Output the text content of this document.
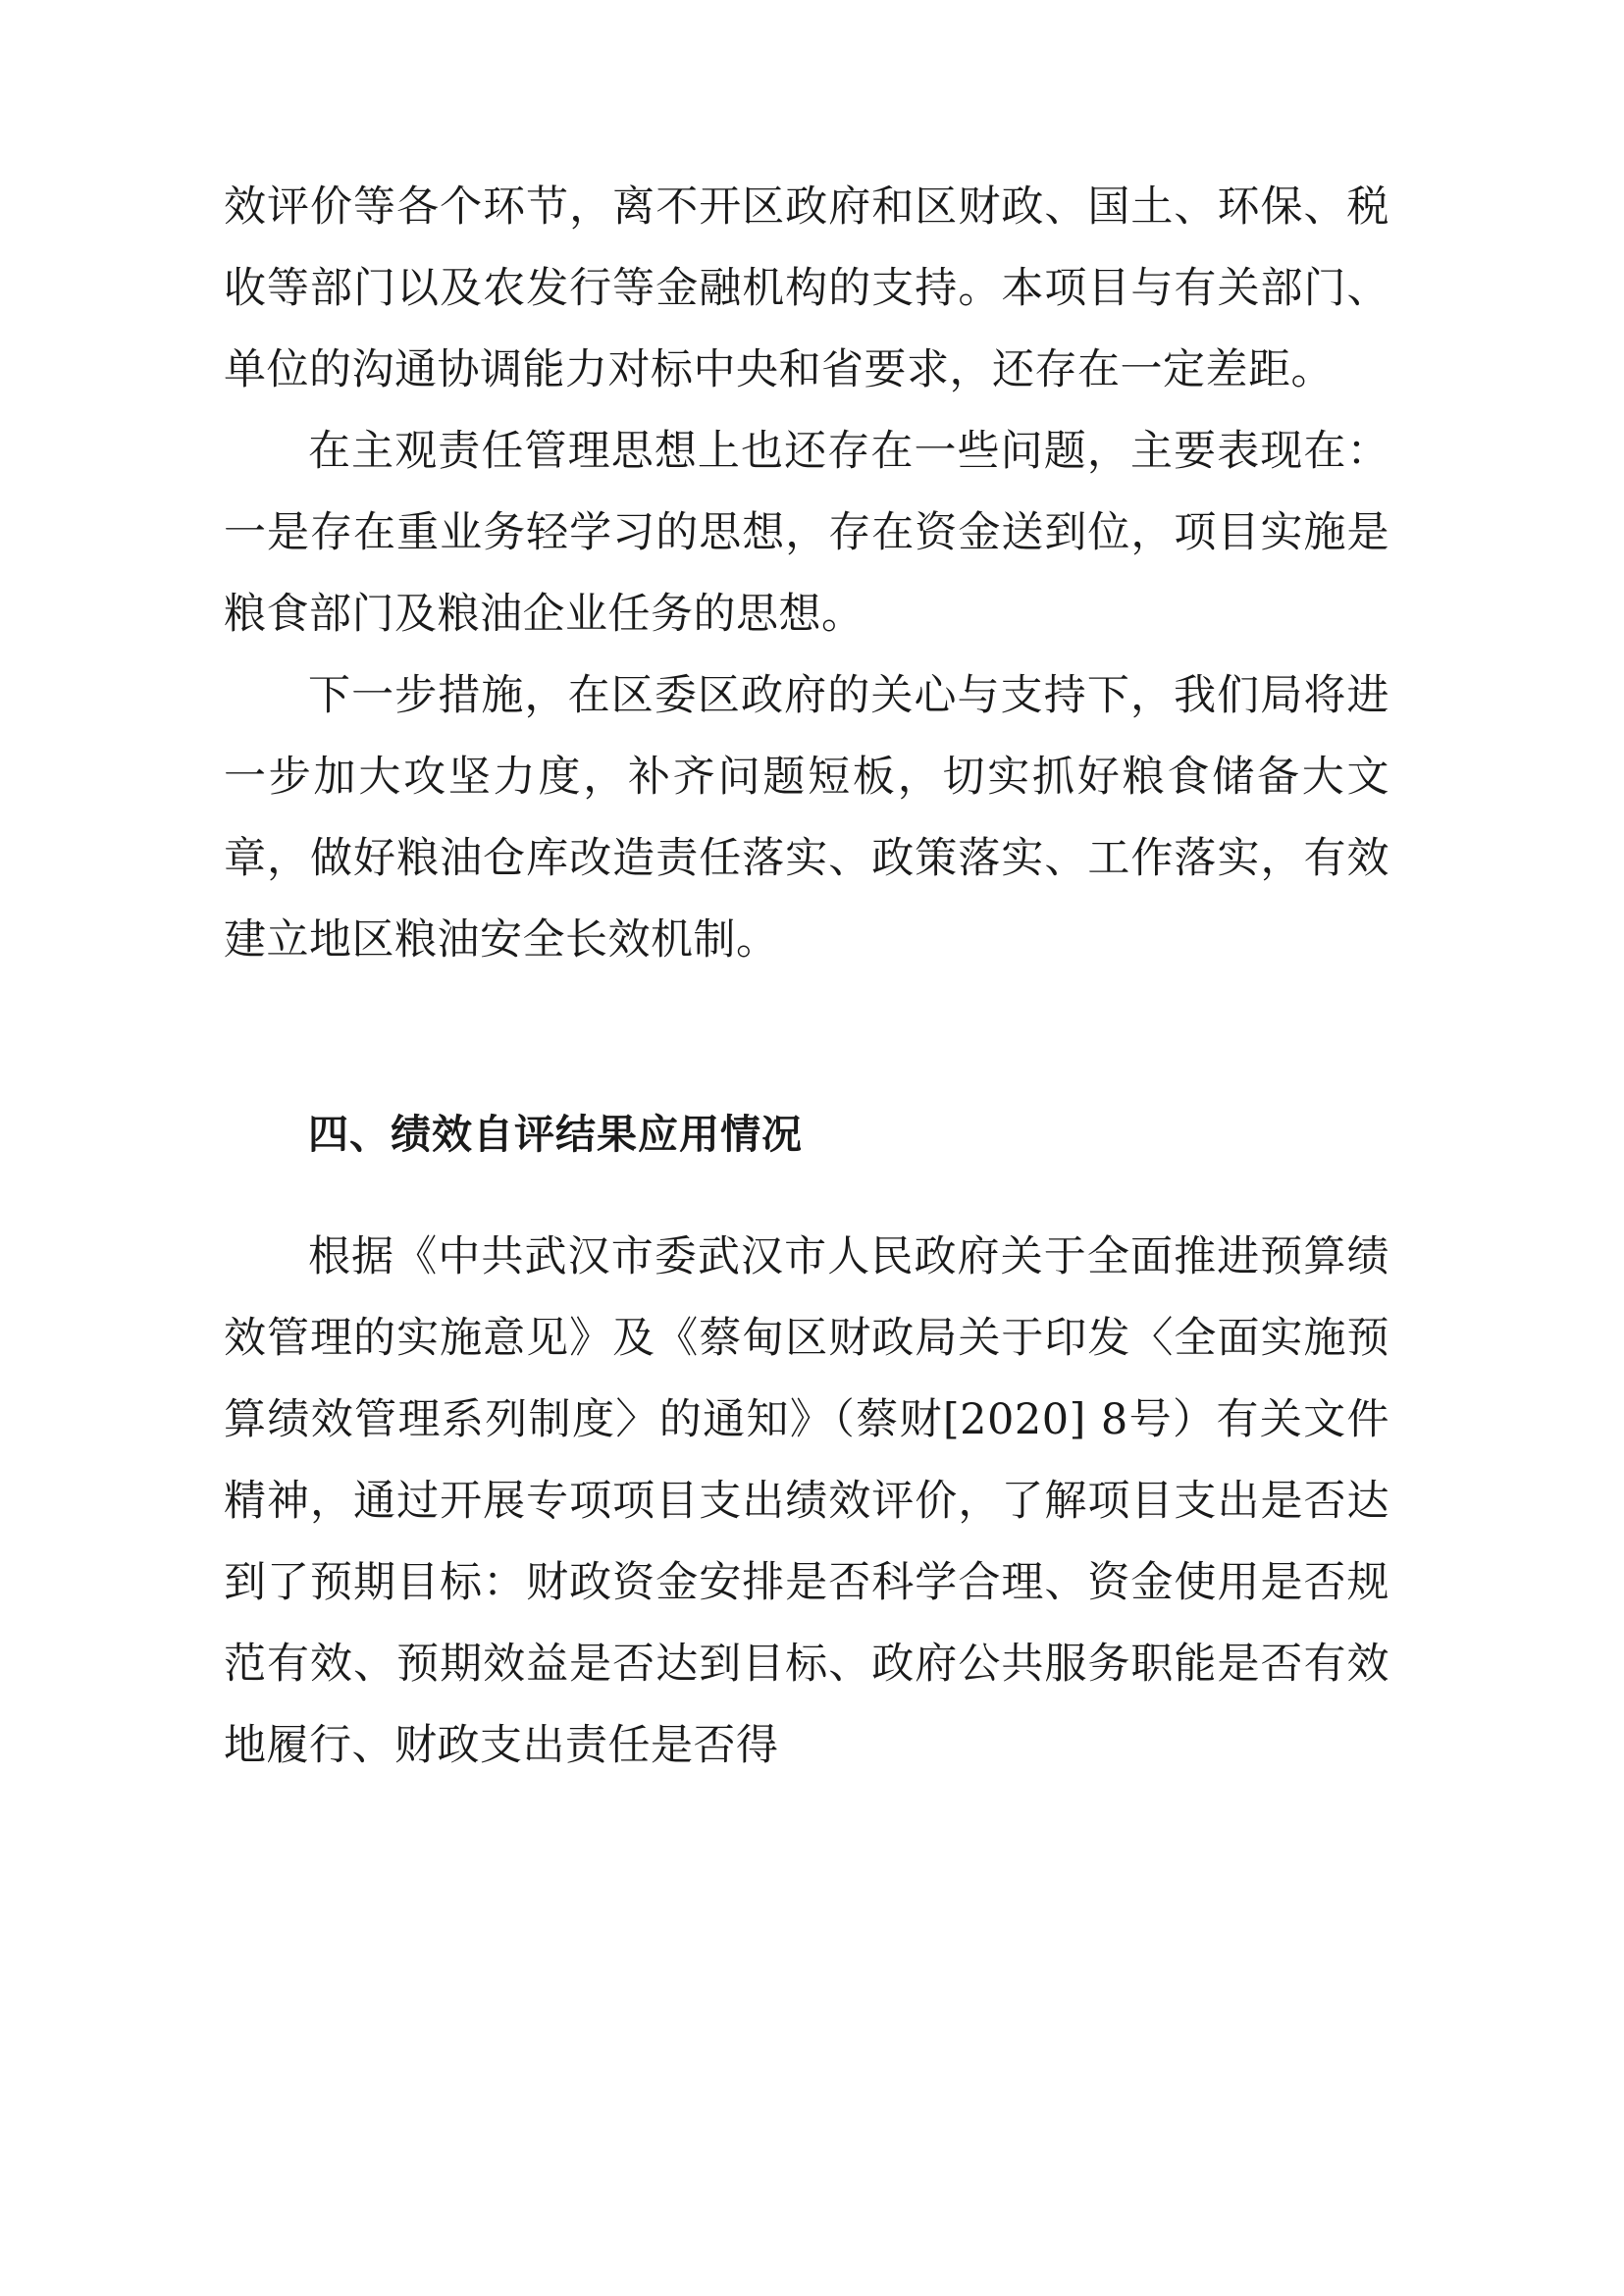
效评价等各个环节，离不开区政府和区财政、国土、环保、税收等部门以及农发行等金融机构的支持。本项目与有关部门、单位的沟通协调能力对标中央和省要求，还存在一定差距。

在主观责任管理思想上也还存在一些问题，主要表现在：一是存在重业务轻学习的思想，存在资金送到位，项目实施是粮食部门及粮油企业任务的思想。

下一步措施，在区委区政府的关心与支持下，我们局将进一步加大攻坚力度，补齐问题短板，切实抓好粮食储备大文章，做好粮油仓库改造责任落实、政策落实、工作落实，有效建立地区粮油安全长效机制。

四、绩效自评结果应用情况

根据《中共武汉市委武汉市人民政府关于全面推进预算绩效管理的实施意见》及《蔡甸区财政局关于印发〈全面实施预算绩效管理系列制度〉的通知》（蔡财[2020] 8号）有关文件精神，通过开展专项项目支出绩效评价，了解项目支出是否达到了预期目标：财政资金安排是否科学合理、资金使用是否规范有效、预期效益是否达到目标、政府公共服务职能是否有效地履行、财政支出责任是否得
